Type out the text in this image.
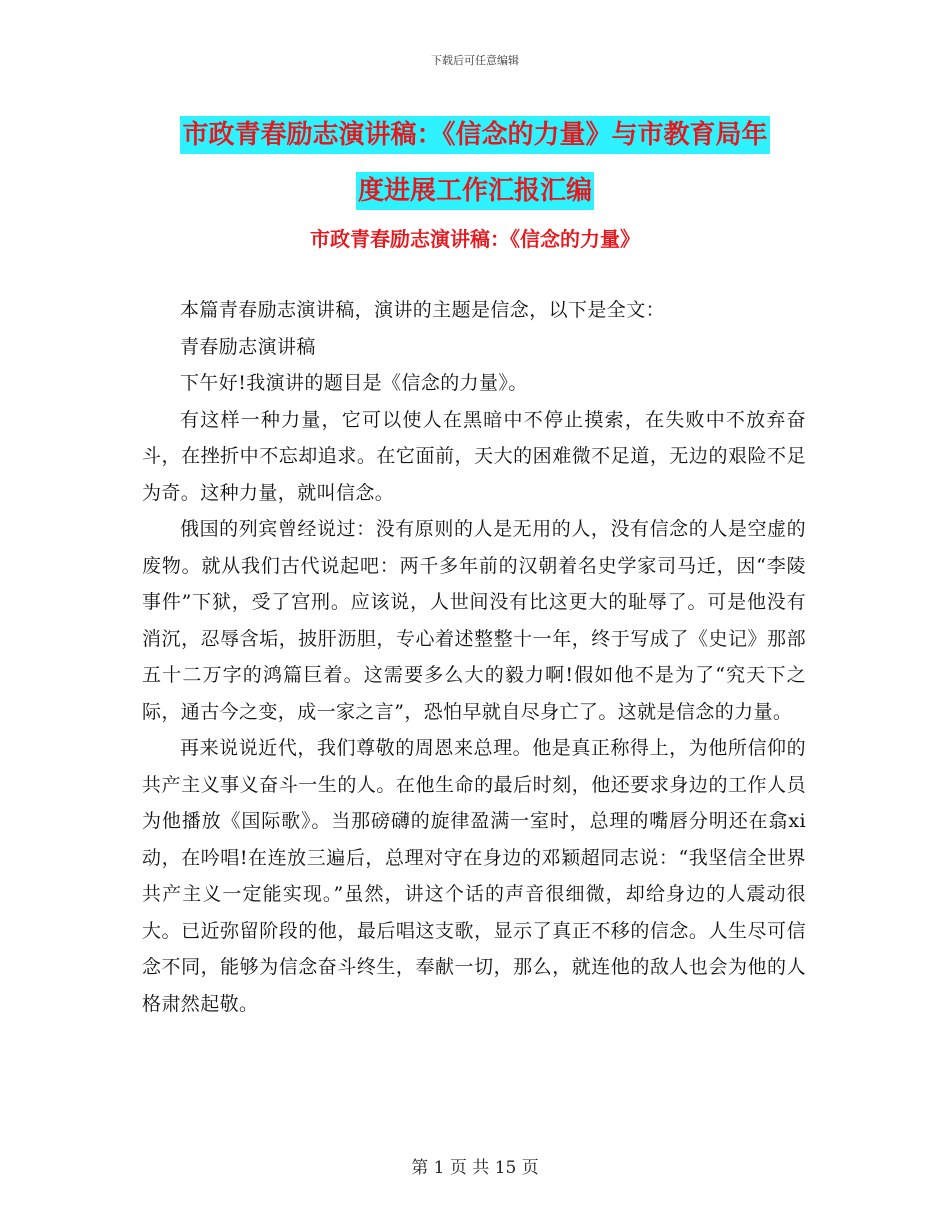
下载后可任意编辑
市政青春励志演讲稿：《信念的力量》与市教育局年
度进展工作汇报汇编
市政青春励志演讲稿：《信念的力量》

本篇青春励志演讲稿，演讲的主题是信念，以下是全文：

青春励志演讲稿

下午好!我演讲的题目是《信念的力量》。

有这样一种力量，它可以使人在黑暗中不停止摸索，在失败中不放弃奋斗，在挫折中不忘却追求。在它面前，天大的困难微不足道，无边的艰险不足为奇。这种力量，就叫信念。

俄国的列宾曾经说过：没有原则的人是无用的人，没有信念的人是空虚的废物。就从我们古代说起吧：两千多年前的汉朝着名史学家司马迁，因“李陵事件”下狱，受了宫刑。应该说，人世间没有比这更大的耻辱了。可是他没有消沉，忍辱含垢，披肝沥胆，专心着述整整十一年，终于写成了《史记》那部五十二万字的鸿篇巨着。这需要多么大的毅力啊!假如他不是为了“究天下之际，通古今之变，成一家之言”，恐怕早就自尽身亡了。这就是信念的力量。

再来说说近代，我们尊敬的周恩来总理。他是真正称得上，为他所信仰的共产主义事义奋斗一生的人。在他生命的最后时刻，他还要求身边的工作人员为他播放《国际歌》。当那磅礴的旋律盈满一室时，总理的嘴唇分明还在翕xi动，在吟唱!在连放三遍后，总理对守在身边的邓颖超同志说：“我坚信全世界共产主义一定能实现。”虽然，讲这个话的声音很细微，却给身边的人震动很大。已近弥留阶段的他，最后唱这支歌，显示了真正不移的信念。人生尽可信念不同，能够为信念奋斗终生，奉献一切，那么，就连他的敌人也会为他的人格肃然起敬。

第 1 页 共 15 页
